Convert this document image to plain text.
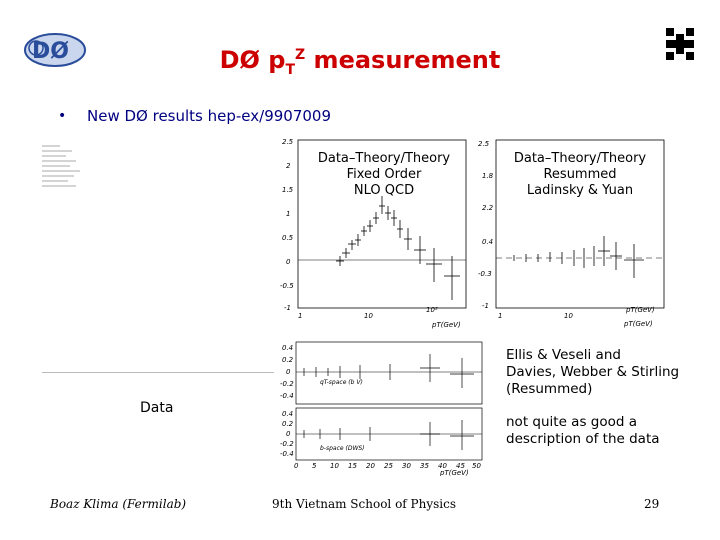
DØ	DØ $p_T^Z$ measurement
• New DØ results hep-ex/9907009
2.5
2
1.5
1
0.5
0
-0.5
-1
1	10
10²
pT(GeV)
Data–Theory/Theory
Fixed Order
NLO QCD
2.5
1.8
2.2
0.4
-0.3
-1
1	10
pT(GeV)
pT(GeV)
Data–Theory/Theory
Resummed
Ladinsky & Yuan
0.4
0.2
0
-0.2
-0.4
qT-space (b V)
0.4
0.2
0
-0.2
-0.4
b-space (DWS)
0 5 10 15 20 25 30 35 40 45 50
pT(GeV)
Data
Ellis & Veseli and
Davies, Webber & Stirling
(Resummed)
not quite as good a
description of the data
Boaz Klima (Fermilab)	9th Vietnam School of Physics	29
